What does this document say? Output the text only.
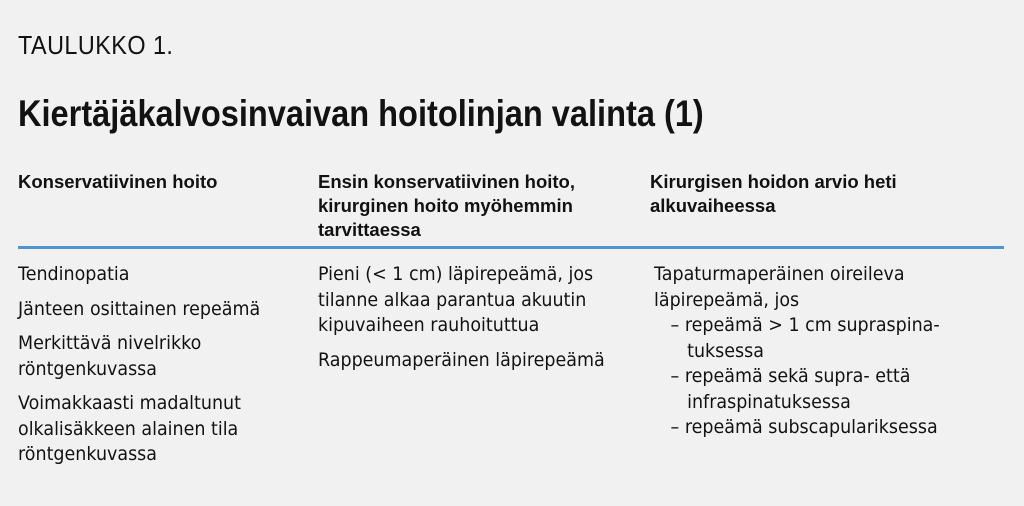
TAULUKKO 1.
Kiertäjäkalvosinvaivan hoitolinjan valinta (1)
Konservatiivinen hoito	Ensin konservatiivinen hoito,
kirurginen hoito myöhemmin
tarvittaessa
Kirurgisen hoidon arvio heti
alkuvaiheessa
Tendinopatia
Jänteen osittainen repeämä
Merkittävä nivelrikko
röntgenkuvassa
Voimakkaasti madaltunut
olkalisäkkeen alainen tila
röntgenkuvassa
Pieni (< 1 cm) läpirepeämä, jos
tilanne alkaa parantua akuutin
kipuvaiheen rauhoituttua
Rappeumaperäinen läpirepeämä
Tapaturmaperäinen oireileva
läpirepeämä, jos
– repeämä > 1 cm supraspina-
tuksessa
– repeämä sekä supra- että
infraspinatuksessa
– repeämä subscapulariksessa
